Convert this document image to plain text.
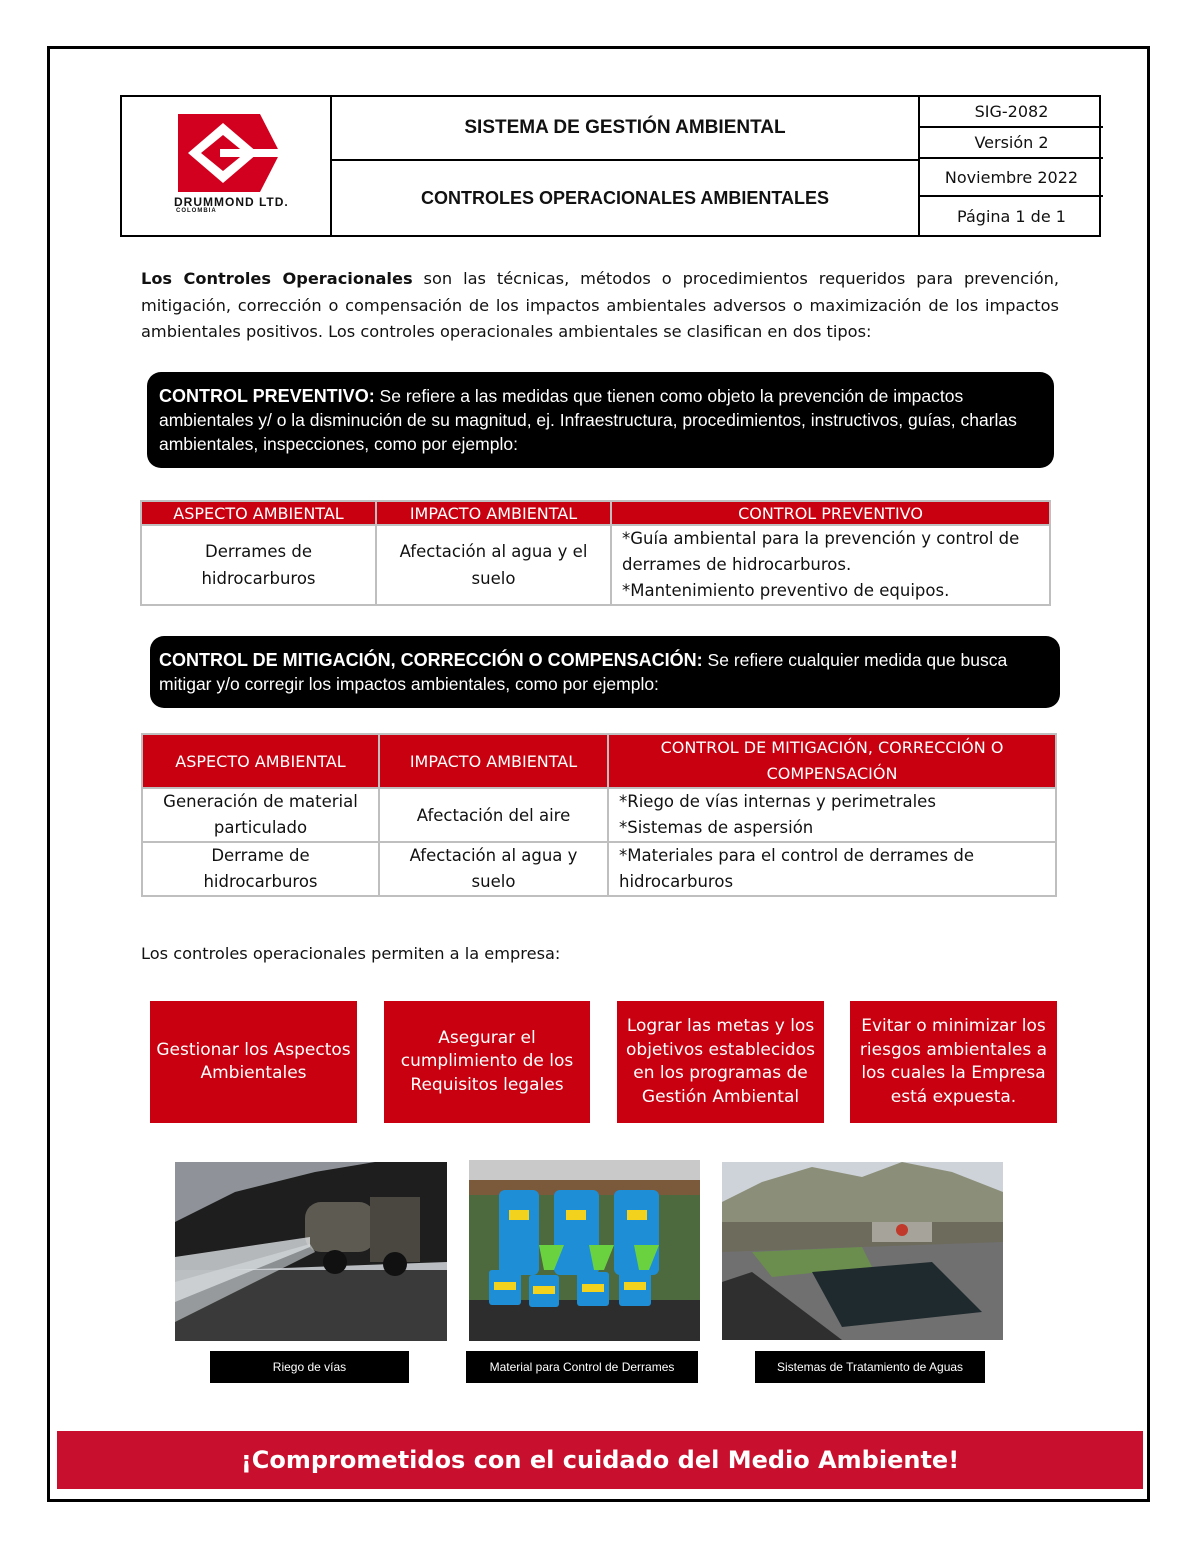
DRUMMOND LTD.
COLOMBIA
SISTEMA DE GESTIÓN AMBIENTAL
CONTROLES OPERACIONALES AMBIENTALES
SIG-2082
Versión 2
Noviembre 2022
Página 1 de 1
Los Controles Operacionales son las técnicas, métodos o procedimientos requeridos para prevención, mitigación, corrección o compensación de los impactos ambientales adversos o maximización de los impactos ambientales positivos. Los controles operacionales ambientales se clasifican en dos tipos:
CONTROL PREVENTIVO: Se refiere a las medidas que tienen como objeto la prevención de impactos ambientales y/ o la disminución de su magnitud, ej. Infraestructura, procedimientos, instructivos, guías, charlas ambientales, inspecciones, como por ejemplo:
ASPECTO AMBIENTAL	IMPACTO AMBIENTAL	CONTROL PREVENTIVO
Derrames de hidrocarburos	Afectación al agua y el suelo	*Guía ambiental para la prevención y control de derrames de hidrocarburos.
*Mantenimiento preventivo de equipos.
CONTROL DE MITIGACIÓN, CORRECCIÓN O COMPENSACIÓN: Se refiere cualquier medida que busca mitigar y/o corregir los impactos ambientales, como por ejemplo:
ASPECTO AMBIENTAL	IMPACTO AMBIENTAL	CONTROL DE MITIGACIÓN, CORRECCIÓN O COMPENSACIÓN
Generación de material particulado	Afectación del aire	*Riego de vías internas y perimetrales
*Sistemas de aspersión

Derrame de hidrocarburos	Afectación al agua y suelo	*Materiales para el control de derrames de hidrocarburos
Los controles operacionales permiten a la empresa:
Gestionar los Aspectos Ambientales
Asegurar el cumplimiento de los Requisitos legales
Lograr las metas y los objetivos establecidos en los programas de Gestión Ambiental
Evitar o minimizar los riesgos ambientales a los cuales la Empresa está expuesta.
Riego de vías	Material para Control de Derrames	Sistemas de Tratamiento de Aguas
¡Comprometidos con el cuidado del Medio Ambiente!
